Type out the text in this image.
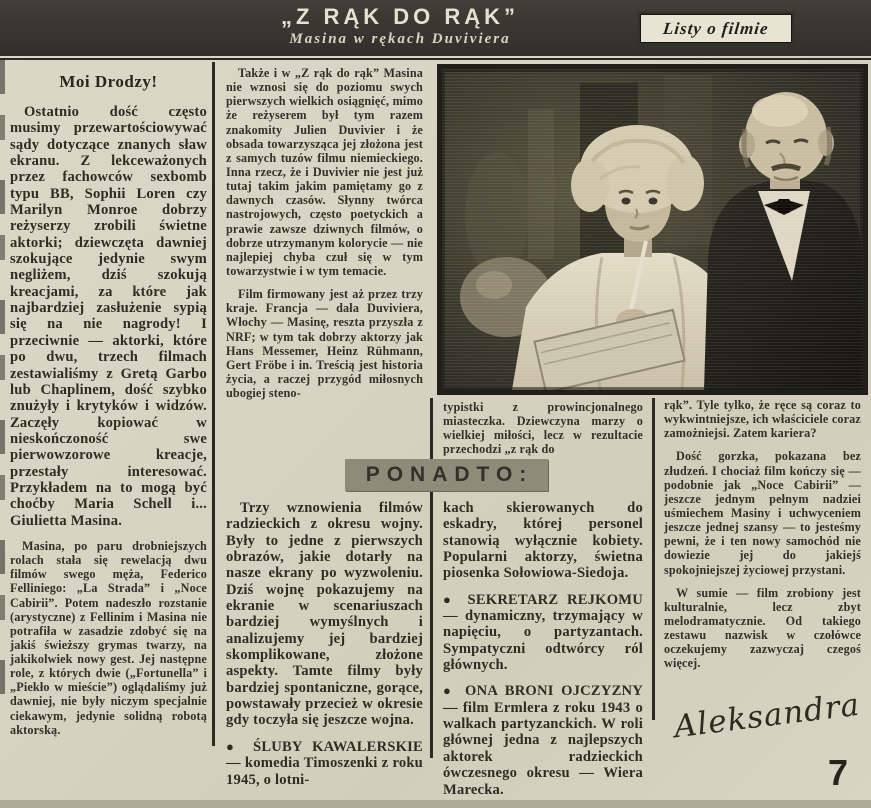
„Z RĄK DO RĄK”
Masina w rękach Duviviera
Listy o filmie
Moi Drodzy!

Ostatnio dość często musimy przewartościowywać sądy dotyczące znanych sław ekranu. Z lekceważonych przez fachowców sexbomb typu BB, Sophii Loren czy Marilyn Monroe dobrzy reżyserzy zrobili świetne aktorki; dziewczęta dawniej szokujące jedynie swym negliżem, dziś szokują kreacjami, za które jak najbardziej zasłużenie sypią się na nie nagrody! I przeciwnie — aktorki, które po dwu, trzech filmach zestawialiśmy z Gretą Garbo lub Chaplinem, dość szybko znużyły i krytyków i widzów. Zaczęły kopiować w nieskończoność swe pierwowzorowe kreacje, przestały interesować. Przykładem na to mogą być choćby Maria Schell i... Giulietta Masina.

Masina, po paru drobniejszych rolach stała się rewelacją dwu filmów swego męża, Federico Felliniego: „La Strada” i „Noce Cabirii”. Potem nadeszło rozstanie (arystyczne) z Fellinim i Masina nie potrafiła w zasadzie zdobyć się na jakiś świeższy grymas twarzy, na jakikolwiek nowy gest. Jej następne role, z których dwie („Fortunella” i „Piekło w mieście”) oglądaliśmy już dawniej, nie były niczym specjalnie ciekawym, jedynie solidną robotą aktorską.

Także i w „Z rąk do rąk” Masina nie wznosi się do poziomu swych pierwszych wielkich osiągnięć, mimo że reżyserem był tym razem znakomity Julien Duvivier i że obsada towarzysząca jej złożona jest z samych tuzów filmu niemieckiego. Inna rzecz, że i Duvivier nie jest już tutaj takim jakim pamiętamy go z dawnych czasów. Słynny twórca nastrojowych, często poetyckich a prawie zawsze dziwnych filmów, o dobrze utrzymanym kolorycie — nie najlepiej chyba czuł się w tym towarzystwie i w tym temacie.

Film firmowany jest aż przez trzy kraje. Francja — dała Duviviera, Włochy — Masinę, reszta przyszła z NRF; w tym tak dobrzy aktorzy jak Hans Messemer, Heinz Rühmann, Gert Fröbe i in. Treścią jest historia życia, a raczej przygód miłosnych ubogiej steno-

typistki z prowincjonalnego miasteczka. Dziewczyna marzy o wielkiej miłości, lecz w rezultacie przechodzi „z rąk do

PONADTO:

Trzy wznowienia filmów radzieckich z okresu wojny. Były to jedne z pierwszych obrazów, jakie dotarły na nasze ekrany po wyzwoleniu. Dziś wojnę pokazujemy na ekranie w scenariuszach bardziej wymyślnych i analizujemy jej bardziej skomplikowane, złożone aspekty. Tamte filmy były bardziej spontaniczne, gorące, powstawały przecież w okresie gdy toczyła się jeszcze wojna.

● ŚLUBY KAWALERSKIE — komedia Timoszenki z roku 1945, o lotni-

kach skierowanych do eskadry, której personel stanowią wyłącznie kobiety. Popularni aktorzy, świetna piosenka Sołowiowa-Siedoja.

● SEKRETARZ REJKOMU — dynamiczny, trzymający w napięciu, o partyzantach. Sympatyczni odtwórcy ról głównych.

● ONA BRONI OJCZYZNY — film Ermlera z roku 1943 o walkach partyzanckich. W roli głównej jedna z najlepszych aktorek radzieckich ówczesnego okresu — Wiera Marecka.

rąk”. Tyle tylko, że ręce są coraz to wykwintniejsze, ich właściciele coraz zamożniejsi. Zatem kariera?

Dość gorzka, pokazana bez złudzeń. I chociaż film kończy się — podobnie jak „Noce Cabirii” — jeszcze jednym pełnym nadziei uśmiechem Masiny i uchwyceniem jeszcze jednej szansy — to jesteśmy pewni, że i ten nowy samochód nie dowiezie jej do jakiejś spokojniejszej życiowej przystani.

W sumie — film zrobiony jest kulturalnie, lecz zbyt melodramatycznie. Od takiego zestawu nazwisk w czołówce oczekujemy zazwyczaj czegoś więcej.

Aleksandra
7
